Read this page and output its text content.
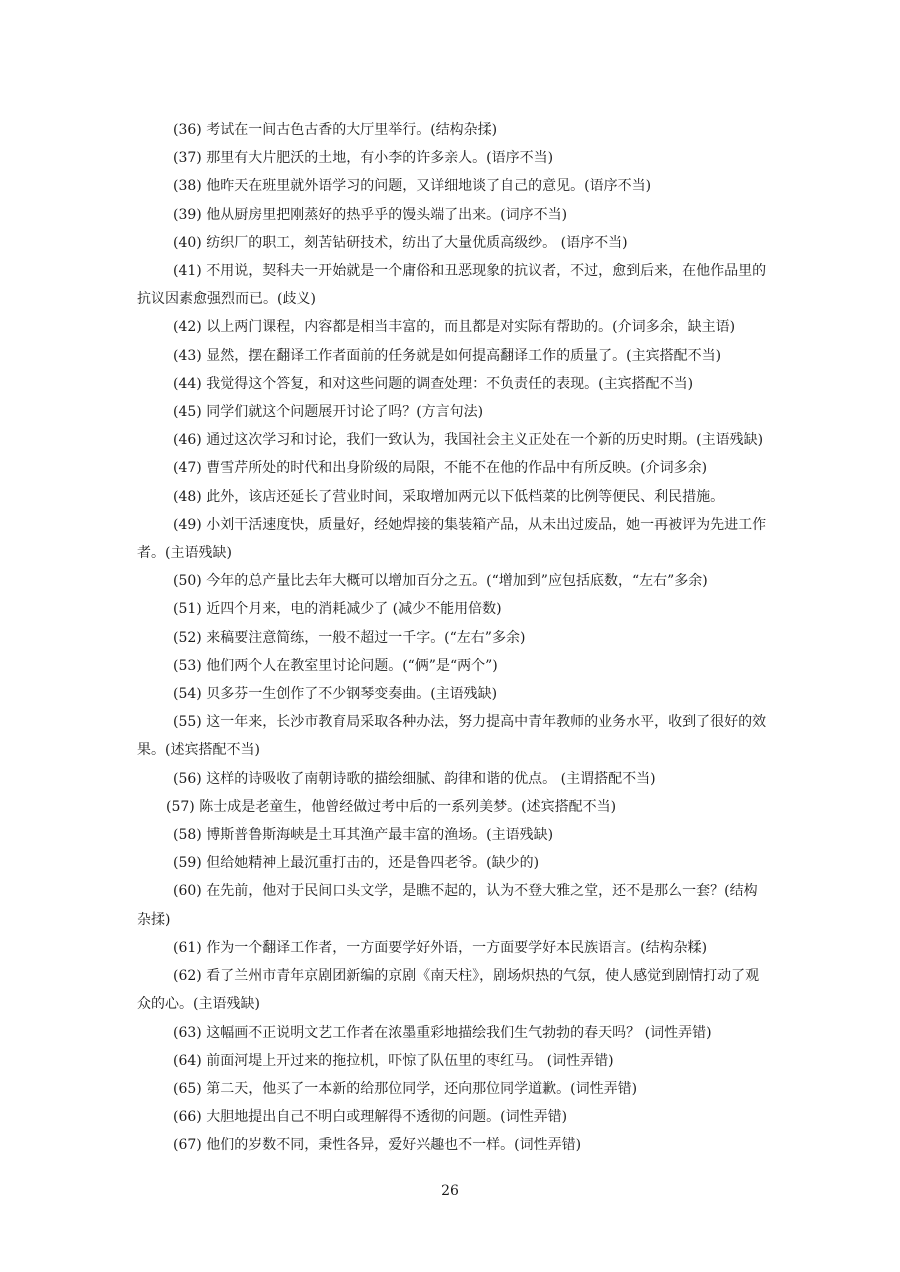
(36) 考试在一间古色古香的大厅里举行。(结构杂揉)

(37) 那里有大片肥沃的土地，有小李的许多亲人。(语序不当)

(38) 他昨天在班里就外语学习的问题，又详细地谈了自己的意见。(语序不当)

(39) 他从厨房里把刚蒸好的热乎乎的馒头端了出来。(词序不当)

(40) 纺织厂的职工，刻苦钻研技术，纺出了大量优质高级纱。 (语序不当)

(41) 不用说，契科夫一开始就是一个庸俗和丑恶现象的抗议者，不过，愈到后来，在他作品里的抗议因素愈强烈而已。(歧义)

(42) 以上两门课程，内容都是相当丰富的，而且都是对实际有帮助的。(介词多余，缺主语)

(43) 显然，摆在翻译工作者面前的任务就是如何提高翻译工作的质量了。(主宾搭配不当)

(44) 我觉得这个答复，和对这些问题的调查处理：不负责任的表现。(主宾搭配不当)

(45) 同学们就这个问题展开讨论了吗？(方言句法)

(46) 通过这次学习和讨论，我们一致认为，我国社会主义正处在一个新的历史时期。(主语残缺)

(47) 曹雪芹所处的时代和出身阶级的局限，不能不在他的作品中有所反映。(介词多余)

(48) 此外，该店还延长了营业时间，采取增加两元以下低档菜的比例等便民、利民措施。

(49) 小刘干活速度快，质量好，经她焊接的集装箱产品，从未出过废品，她一再被评为先进工作者。(主语残缺)

(50) 今年的总产量比去年大概可以增加百分之五。(“增加到”应包括底数，“左右”多余)

(51) 近四个月来，电的消耗减少了 (减少不能用倍数)

(52) 来稿要注意简练，一般不超过一千字。(“左右”多余)

(53) 他们两个人在教室里讨论问题。(“俩”是“两个”)

(54) 贝多芬一生创作了不少钢琴变奏曲。(主语残缺)

(55) 这一年来，长沙市教育局采取各种办法，努力提高中青年教师的业务水平，收到了很好的效果。(述宾搭配不当)

(56) 这样的诗吸收了南朝诗歌的描绘细腻、韵律和谐的优点。 (主谓搭配不当)

(57) 陈士成是老童生，他曾经做过考中后的一系列美梦。(述宾搭配不当)

(58) 博斯普鲁斯海峡是土耳其渔产最丰富的渔场。(主语残缺)

(59) 但给她精神上最沉重打击的，还是鲁四老爷。(缺少的)

(60) 在先前，他对于民间口头文学，是瞧不起的，认为不登大雅之堂，还不是那么一套？(结构杂揉)

(61) 作为一个翻译工作者，一方面要学好外语，一方面要学好本民族语言。(结构杂糅)

(62) 看了兰州市青年京剧团新编的京剧《南天柱》，剧场炽热的气氛，使人感觉到剧情打动了观众的心。(主语残缺)

(63) 这幅画不正说明文艺工作者在浓墨重彩地描绘我们生气勃勃的春天吗？ (词性弄错)

(64) 前面河堤上开过来的拖拉机，吓惊了队伍里的枣红马。 (词性弄错)

(65) 第二天，他买了一本新的给那位同学，还向那位同学道歉。(词性弄错)

(66) 大胆地提出自己不明白或理解得不透彻的问题。(词性弄错)

(67) 他们的岁数不同，秉性各异，爱好兴趣也不一样。(词性弄错)

26
